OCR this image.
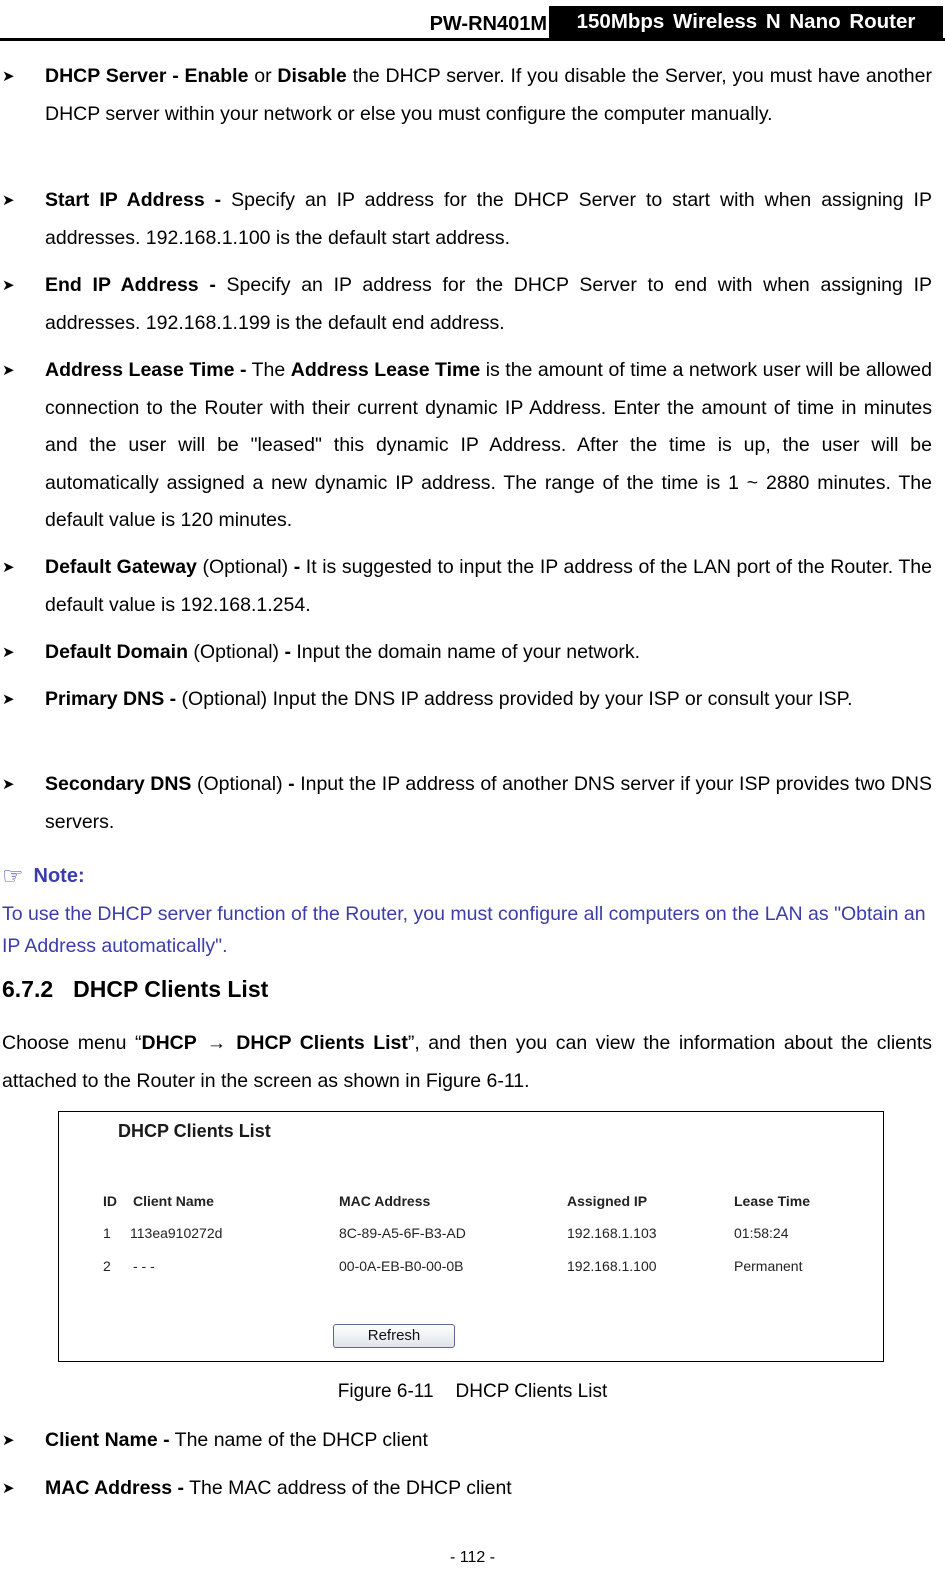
PW-RN401M	150Mbps Wireless N Nano Router
➤ DHCP Server - Enable or Disable the DHCP server. If you disable the Server, you must have another DHCP server within your network or else you must configure the computer manually.
➤ Start IP Address - Specify an IP address for the DHCP Server to start with when assigning IP addresses. 192.168.1.100 is the default start address.
➤ End IP Address - Specify an IP address for the DHCP Server to end with when assigning IP addresses. 192.168.1.199 is the default end address.
➤ Address Lease Time - The Address Lease Time is the amount of time a network user will be allowed connection to the Router with their current dynamic IP Address. Enter the amount of time in minutes and the user will be "leased" this dynamic IP Address. After the time is up, the user will be automatically assigned a new dynamic IP address. The range of the time is 1 ~ 2880 minutes. The default value is 120 minutes.
➤ Default Gateway (Optional) - It is suggested to input the IP address of the LAN port of the Router. The default value is 192.168.1.254.
➤ Default Domain (Optional) - Input the domain name of your network.
➤ Primary DNS - (Optional) Input the DNS IP address provided by your ISP or consult your ISP.
➤ Secondary DNS (Optional) - Input the IP address of another DNS server if your ISP provides two DNS servers.
☞ Note:
To use the DHCP server function of the Router, you must configure all computers on the LAN as "Obtain an IP Address automatically".
6.7.2 DHCP Clients List
Choose menu “DHCP → DHCP Clients List”, and then you can view the information about the clients attached to the Router in the screen as shown in Figure 6-11.
DHCP Clients List
ID Client Name	MAC Address	Assigned IP	Lease Time
1 113ea910272d	8C-89-A5-6F-B3-AD	192.168.1.103	01:58:24
2 - - -	00-0A-EB-B0-00-0B	192.168.1.100	Permanent
Refresh
Figure 6-11 DHCP Clients List
➤ Client Name - The name of the DHCP client
➤ MAC Address - The MAC address of the DHCP client
- 112 -
